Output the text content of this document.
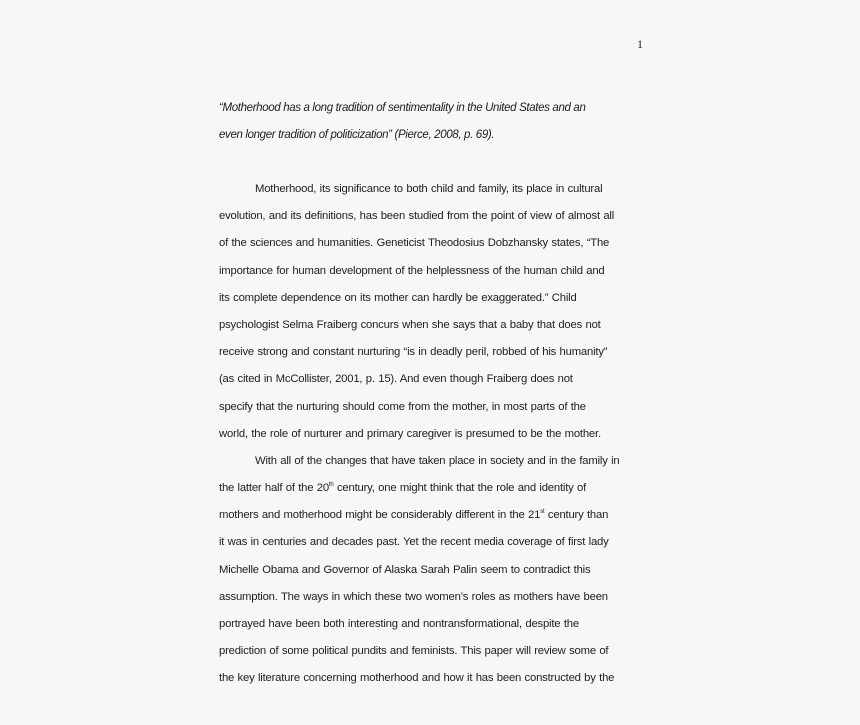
1
“Motherhood has a long tradition of sentimentality in the United States and an
even longer tradition of politicization” (Pierce, 2008, p. 69).
Motherhood, its significance to both child and family, its place in cultural
evolution, and its definitions, has been studied from the point of view of almost all
of the sciences and humanities. Geneticist Theodosius Dobzhansky states, “The
importance for human development of the helplessness of the human child and
its complete dependence on its mother can hardly be exaggerated.” Child
psychologist Selma Fraiberg concurs when she says that a baby that does not
receive strong and constant nurturing “is in deadly peril, robbed of his humanity”
(as cited in McCollister, 2001, p. 15). And even though Fraiberg does not
specify that the nurturing should come from the mother, in most parts of the
world, the role of nurturer and primary caregiver is presumed to be the mother.
With all of the changes that have taken place in society and in the family in
the latter half of the 20th century, one might think that the role and identity of
mothers and motherhood might be considerably different in the 21st century than
it was in centuries and decades past. Yet the recent media coverage of first lady
Michelle Obama and Governor of Alaska Sarah Palin seem to contradict this
assumption. The ways in which these two women’s roles as mothers have been
portrayed have been both interesting and nontransformational, despite the
prediction of some political pundits and feminists. This paper will review some of
the key literature concerning motherhood and how it has been constructed by the
